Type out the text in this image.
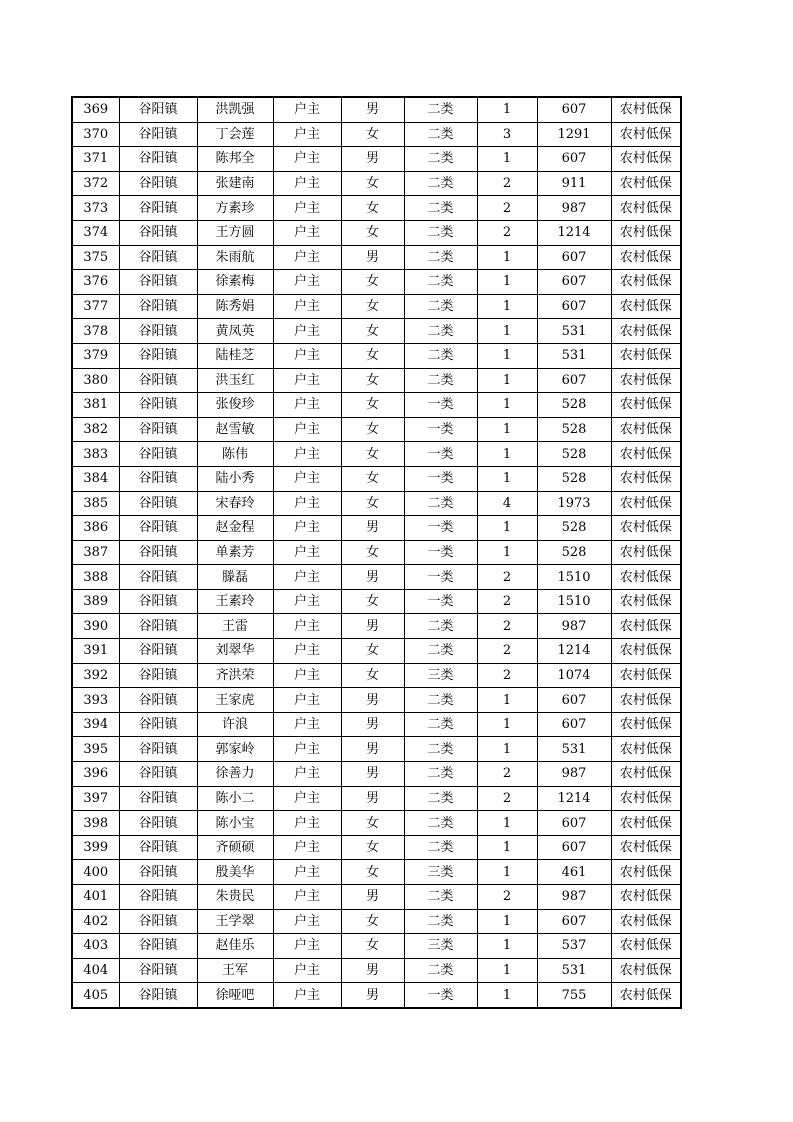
369	谷阳镇	洪凯强	户主	男	二类	1	607	农村低保
370	谷阳镇	丁会莲	户主	女	二类	3	1291	农村低保
371	谷阳镇	陈邦全	户主	男	二类	1	607	农村低保
372	谷阳镇	张建南	户主	女	二类	2	911	农村低保
373	谷阳镇	方素珍	户主	女	二类	2	987	农村低保
374	谷阳镇	王方圆	户主	女	二类	2	1214	农村低保
375	谷阳镇	朱雨航	户主	男	二类	1	607	农村低保
376	谷阳镇	徐素梅	户主	女	二类	1	607	农村低保
377	谷阳镇	陈秀娟	户主	女	二类	1	607	农村低保
378	谷阳镇	黄凤英	户主	女	二类	1	531	农村低保
379	谷阳镇	陆桂芝	户主	女	二类	1	531	农村低保
380	谷阳镇	洪玉红	户主	女	二类	1	607	农村低保
381	谷阳镇	张俊珍	户主	女	一类	1	528	农村低保
382	谷阳镇	赵雪敏	户主	女	一类	1	528	农村低保
383	谷阳镇	陈伟	户主	女	一类	1	528	农村低保
384	谷阳镇	陆小秀	户主	女	一类	1	528	农村低保
385	谷阳镇	宋春玲	户主	女	二类	4	1973	农村低保
386	谷阳镇	赵金程	户主	男	一类	1	528	农村低保
387	谷阳镇	单素芳	户主	女	一类	1	528	农村低保
388	谷阳镇	滕磊	户主	男	一类	2	1510	农村低保
389	谷阳镇	王素玲	户主	女	一类	2	1510	农村低保
390	谷阳镇	王雷	户主	男	二类	2	987	农村低保
391	谷阳镇	刘翠华	户主	女	二类	2	1214	农村低保
392	谷阳镇	齐洪荣	户主	女	三类	2	1074	农村低保
393	谷阳镇	王家虎	户主	男	二类	1	607	农村低保
394	谷阳镇	许浪	户主	男	二类	1	607	农村低保
395	谷阳镇	郭家岭	户主	男	二类	1	531	农村低保
396	谷阳镇	徐善力	户主	男	二类	2	987	农村低保
397	谷阳镇	陈小二	户主	男	二类	2	1214	农村低保
398	谷阳镇	陈小宝	户主	女	二类	1	607	农村低保
399	谷阳镇	齐硕硕	户主	女	二类	1	607	农村低保
400	谷阳镇	殷美华	户主	女	三类	1	461	农村低保
401	谷阳镇	朱贵民	户主	男	二类	2	987	农村低保
402	谷阳镇	王学翠	户主	女	二类	1	607	农村低保
403	谷阳镇	赵佳乐	户主	女	三类	1	537	农村低保
404	谷阳镇	王军	户主	男	二类	1	531	农村低保
405	谷阳镇	徐哑吧	户主	男	一类	1	755	农村低保
